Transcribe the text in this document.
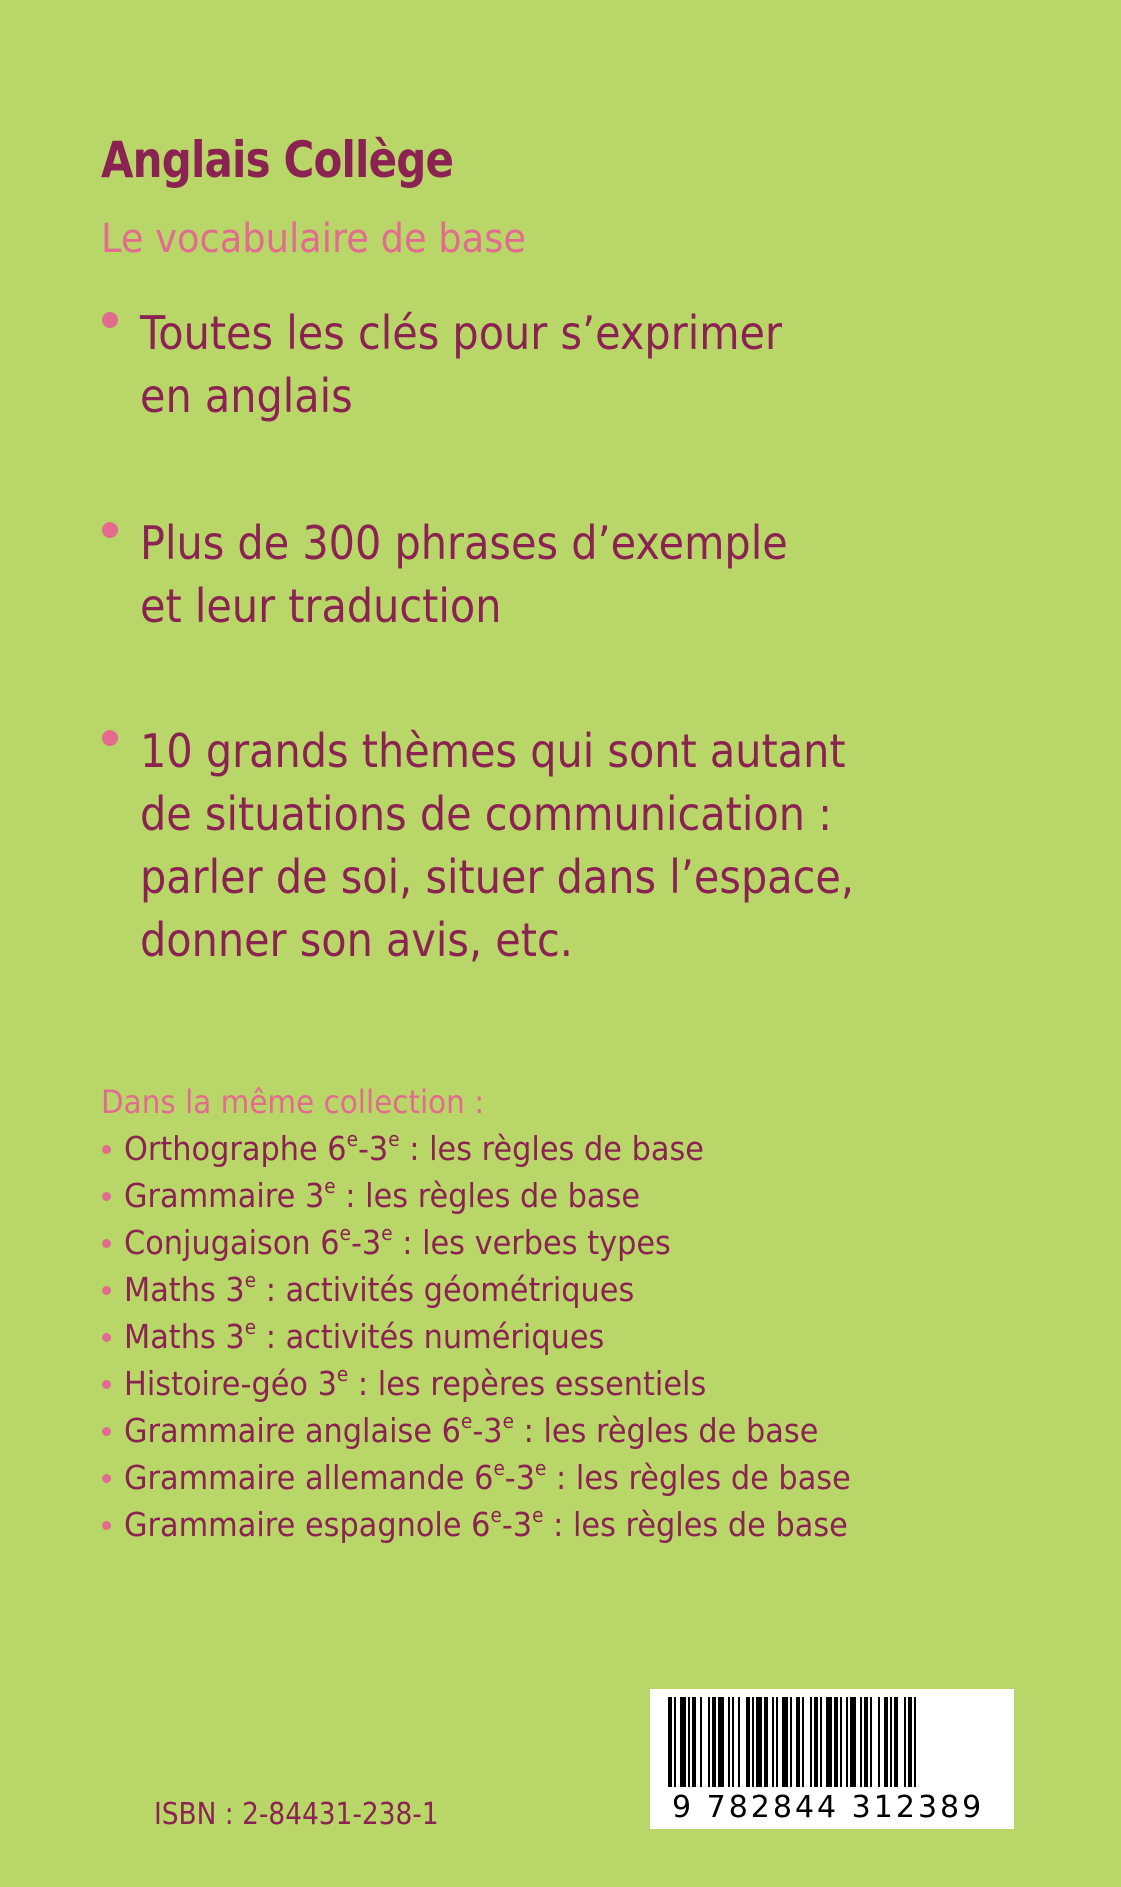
Anglais Collège
Le vocabulaire de base
Toutes les clés pour s’exprimer
en anglais
Plus de 300 phrases d’exemple
et leur traduction
10 grands thèmes qui sont autant
de situations de communication :
parler de soi, situer dans l’espace,
donner son avis, etc.
Dans la même collection :
Orthographe 6e-3e : les règles de base
Grammaire 3e : les règles de base
Conjugaison 6e-3e : les verbes types
Maths 3e : activités géométriques
Maths 3e : activités numériques
Histoire-géo 3e : les repères essentiels
Grammaire anglaise 6e-3e : les règles de base
Grammaire allemande 6e-3e : les règles de base
Grammaire espagnole 6e-3e : les règles de base
9 782844 312389
ISBN : 2-84431-238-1
